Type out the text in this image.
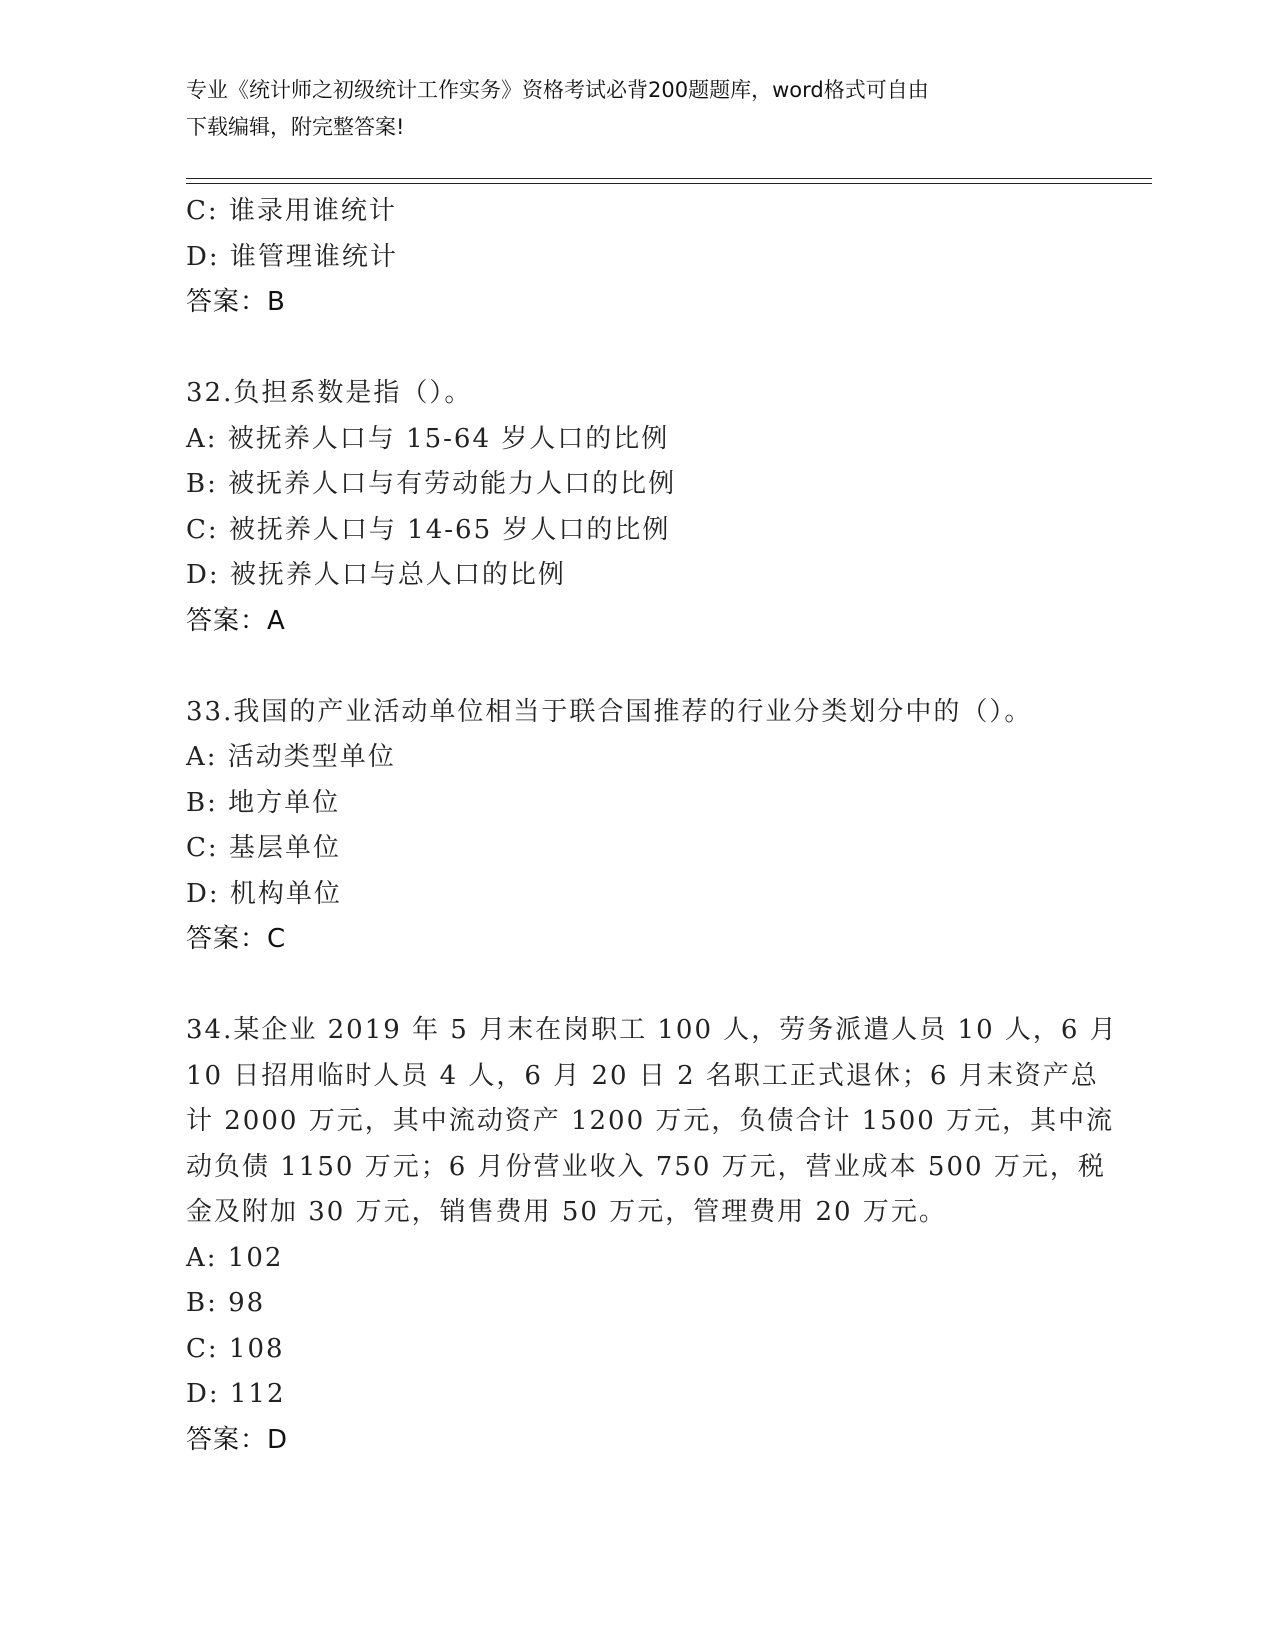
专业《统计师之初级统计工作实务》资格考试必背200题题库，word格式可自由
下载编辑，附完整答案!
C: 谁录用谁统计
D: 谁管理谁统计
答案：B
32.负担系数是指（）。
A: 被抚养人口与 15-64 岁人口的比例
B: 被抚养人口与有劳动能力人口的比例
C: 被抚养人口与 14-65 岁人口的比例
D: 被抚养人口与总人口的比例
答案：A
33.我国的产业活动单位相当于联合国推荐的行业分类划分中的（）。
A: 活动类型单位
B: 地方单位
C: 基层单位
D: 机构单位
答案：C
34.某企业 2019 年 5 月末在岗职工 100 人，劳务派遣人员 10 人，6 月
10 日招用临时人员 4 人，6 月 20 日 2 名职工正式退休；6 月末资产总
计 2000 万元，其中流动资产 1200 万元，负债合计 1500 万元，其中流
动负债 1150 万元；6 月份营业收入 750 万元，营业成本 500 万元，税
金及附加 30 万元，销售费用 50 万元，管理费用 20 万元。
A: 102
B: 98
C: 108
D: 112
答案：D
